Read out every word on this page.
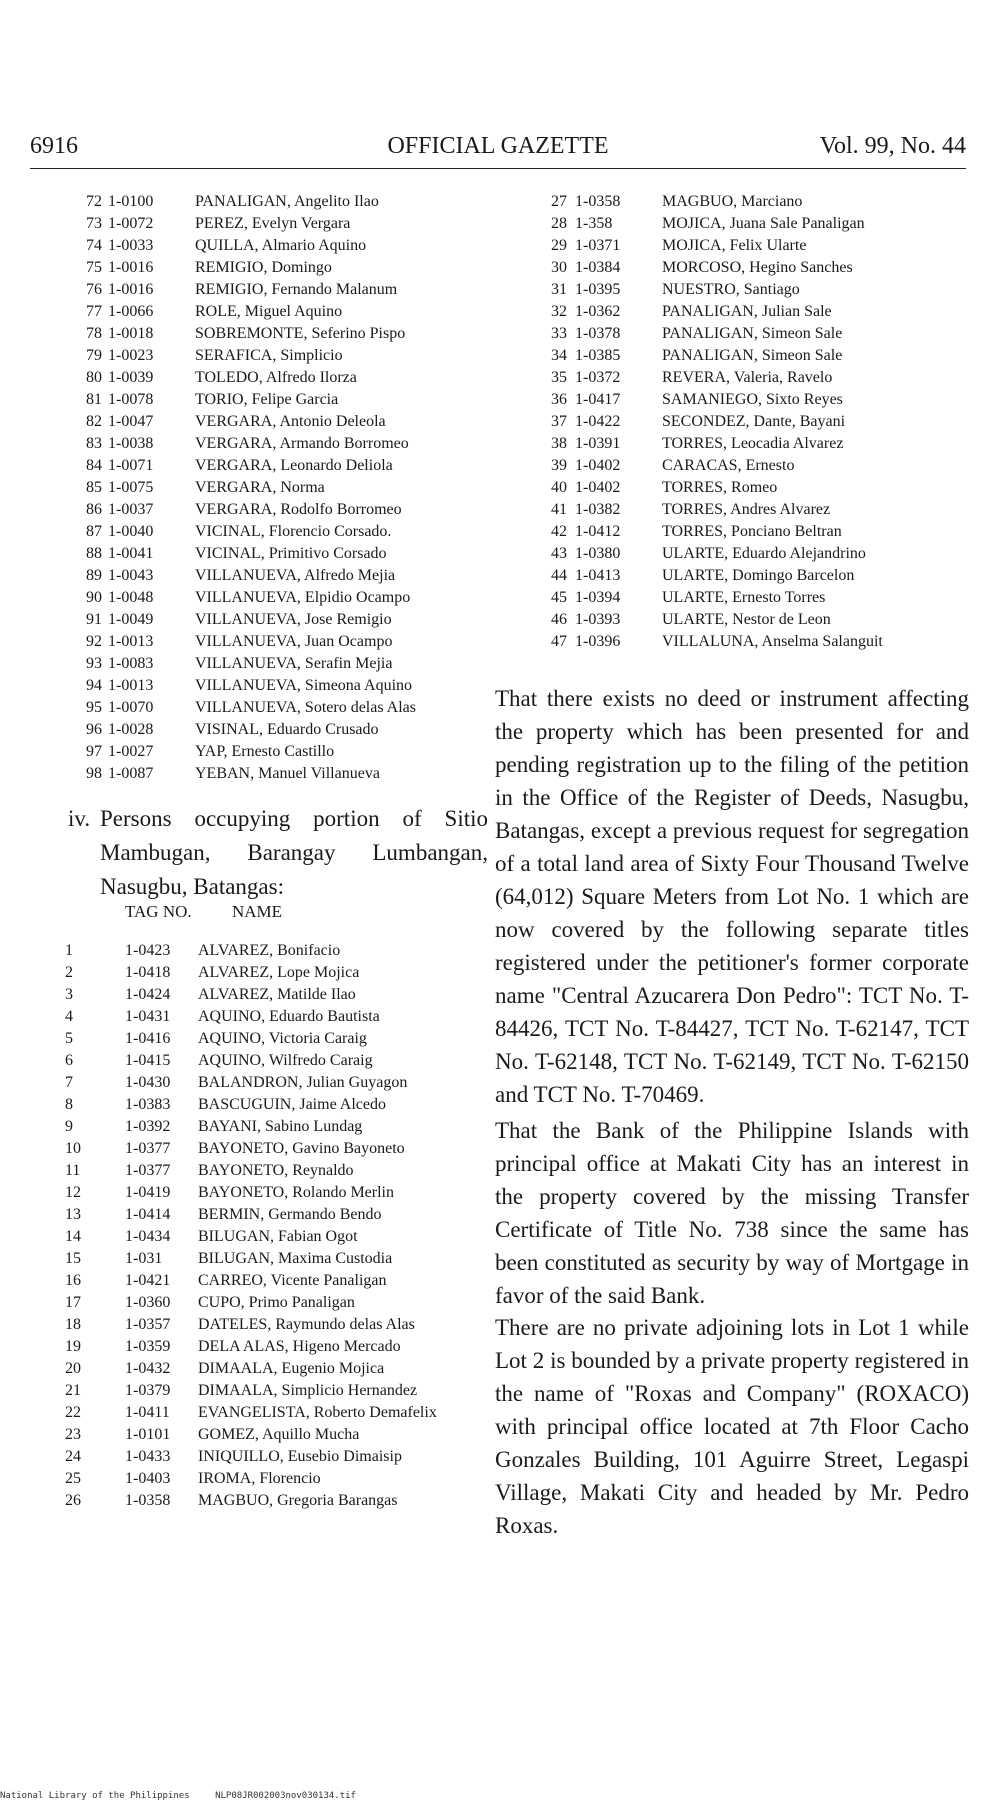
6916	OFFICIAL GAZETTE	Vol. 99, No. 44
72 1-0100	PANALIGAN, Angelito Ilao
73 1-0072	PEREZ, Evelyn Vergara
74 1-0033	QUILLA, Almario Aquino
75 1-0016	REMIGIO, Domingo
76 1-0016	REMIGIO, Fernando Malanum
77 1-0066	ROLE, Miguel Aquino
78 1-0018	SOBREMONTE, Seferino Pispo
79 1-0023	SERAFICA, Simplicio
80 1-0039	TOLEDO, Alfredo Ilorza
81 1-0078	TORIO, Felipe Garcia
82 1-0047	VERGARA, Antonio Deleola
83 1-0038	VERGARA, Armando Borromeo
84 1-0071	VERGARA, Leonardo Deliola
85 1-0075	VERGARA, Norma
86 1-0037	VERGARA, Rodolfo Borromeo
87 1-0040	VICINAL, Florencio Corsado.
88 1-0041	VICINAL, Primitivo Corsado
89 1-0043	VILLANUEVA, Alfredo Mejia
90 1-0048	VILLANUEVA, Elpidio Ocampo
91 1-0049	VILLANUEVA, Jose Remigio
92 1-0013	VILLANUEVA, Juan Ocampo
93 1-0083	VILLANUEVA, Serafin Mejia
94 1-0013	VILLANUEVA, Simeona Aquino
95 1-0070	VILLANUEVA, Sotero delas Alas
96 1-0028	VISINAL, Eduardo Crusado
97 1-0027	YAP, Ernesto Castillo
98 1-0087	YEBAN, Manuel Villanueva
27 1-0358	MAGBUO, Marciano
28 1-358	MOJICA, Juana Sale Panaligan
29 1-0371	MOJICA, Felix Ularte
30 1-0384	MORCOSO, Hegino Sanches
31 1-0395	NUESTRO, Santiago
32 1-0362	PANALIGAN, Julian Sale
33 1-0378	PANALIGAN, Simeon Sale
34 1-0385	PANALIGAN, Simeon Sale
35 1-0372	REVERA, Valeria, Ravelo
36 1-0417	SAMANIEGO, Sixto Reyes
37 1-0422	SECONDEZ, Dante, Bayani
38 1-0391	TORRES, Leocadia Alvarez
39 1-0402	CARACAS, Ernesto
40 1-0402	TORRES, Romeo
41 1-0382	TORRES, Andres Alvarez
42 1-0412	TORRES, Ponciano Beltran
43 1-0380	ULARTE, Eduardo Alejandrino
44 1-0413	ULARTE, Domingo Barcelon
45 1-0394	ULARTE, Ernesto Torres
46 1-0393	ULARTE, Nestor de Leon
47 1-0396	VILLALUNA, Anselma Salanguit
iv. Persons occupying portion of Sitio Mambugan, Barangay Lumbangan, Nasugbu, Batangas:
TAG NO. NAME
1	1-0423 ALVAREZ, Bonifacio
2	1-0418 ALVAREZ, Lope Mojica
3	1-0424 ALVAREZ, Matilde Ilao
4	1-0431 AQUINO, Eduardo Bautista
5	1-0416 AQUINO, Victoria Caraig
6	1-0415 AQUINO, Wilfredo Caraig
7	1-0430 BALANDRON, Julian Guyagon
8	1-0383 BASCUGUIN, Jaime Alcedo
9	1-0392 BAYANI, Sabino Lundag
10	1-0377 BAYONETO, Gavino Bayoneto
11	1-0377 BAYONETO, Reynaldo
12	1-0419 BAYONETO, Rolando Merlin
13	1-0414 BERMIN, Germando Bendo
14	1-0434 BILUGAN, Fabian Ogot
15	1-031 BILUGAN, Maxima Custodia
16	1-0421 CARREO, Vicente Panaligan
17	1-0360 CUPO, Primo Panaligan
18	1-0357 DATELES, Raymundo delas Alas
19	1-0359 DELA ALAS, Higeno Mercado
20	1-0432 DIMAALA, Eugenio Mojica
21	1-0379 DIMAALA, Simplicio Hernandez
22	1-0411 EVANGELISTA, Roberto Demafelix
23	1-0101 GOMEZ, Aquillo Mucha
24	1-0433 INIQUILLO, Eusebio Dimaisip
25	1-0403 IROMA, Florencio
26	1-0358 MAGBUO, Gregoria Barangas
That there exists no deed or instrument affecting the property which has been presented for and pending registration up to the filing of the petition in the Office of the Register of Deeds, Nasugbu, Batangas, except a previous request for segregation of a total land area of Sixty Four Thousand Twelve (64,012) Square Meters from Lot No. 1 which are now covered by the following separate titles registered under the petitioner's former corporate name "Central Azucarera Don Pedro": TCT No. T-84426, TCT No. T-84427, TCT No. T-62147, TCT No. T-62148, TCT No. T-62149, TCT No. T-62150 and TCT No. T-70469.
That the Bank of the Philippine Islands with principal office at Makati City has an interest in the property covered by the missing Transfer Certificate of Title No. 738 since the same has been constituted as security by way of Mortgage in favor of the said Bank.
There are no private adjoining lots in Lot 1 while Lot 2 is bounded by a private property registered in the name of "Roxas and Company" (ROXACO) with principal office located at 7th Floor Cacho Gonzales Building, 101 Aguirre Street, Legaspi Village, Makati City and headed by Mr. Pedro Roxas.
National Library of the Philippines	NLP08JR002003nov030134.tif
